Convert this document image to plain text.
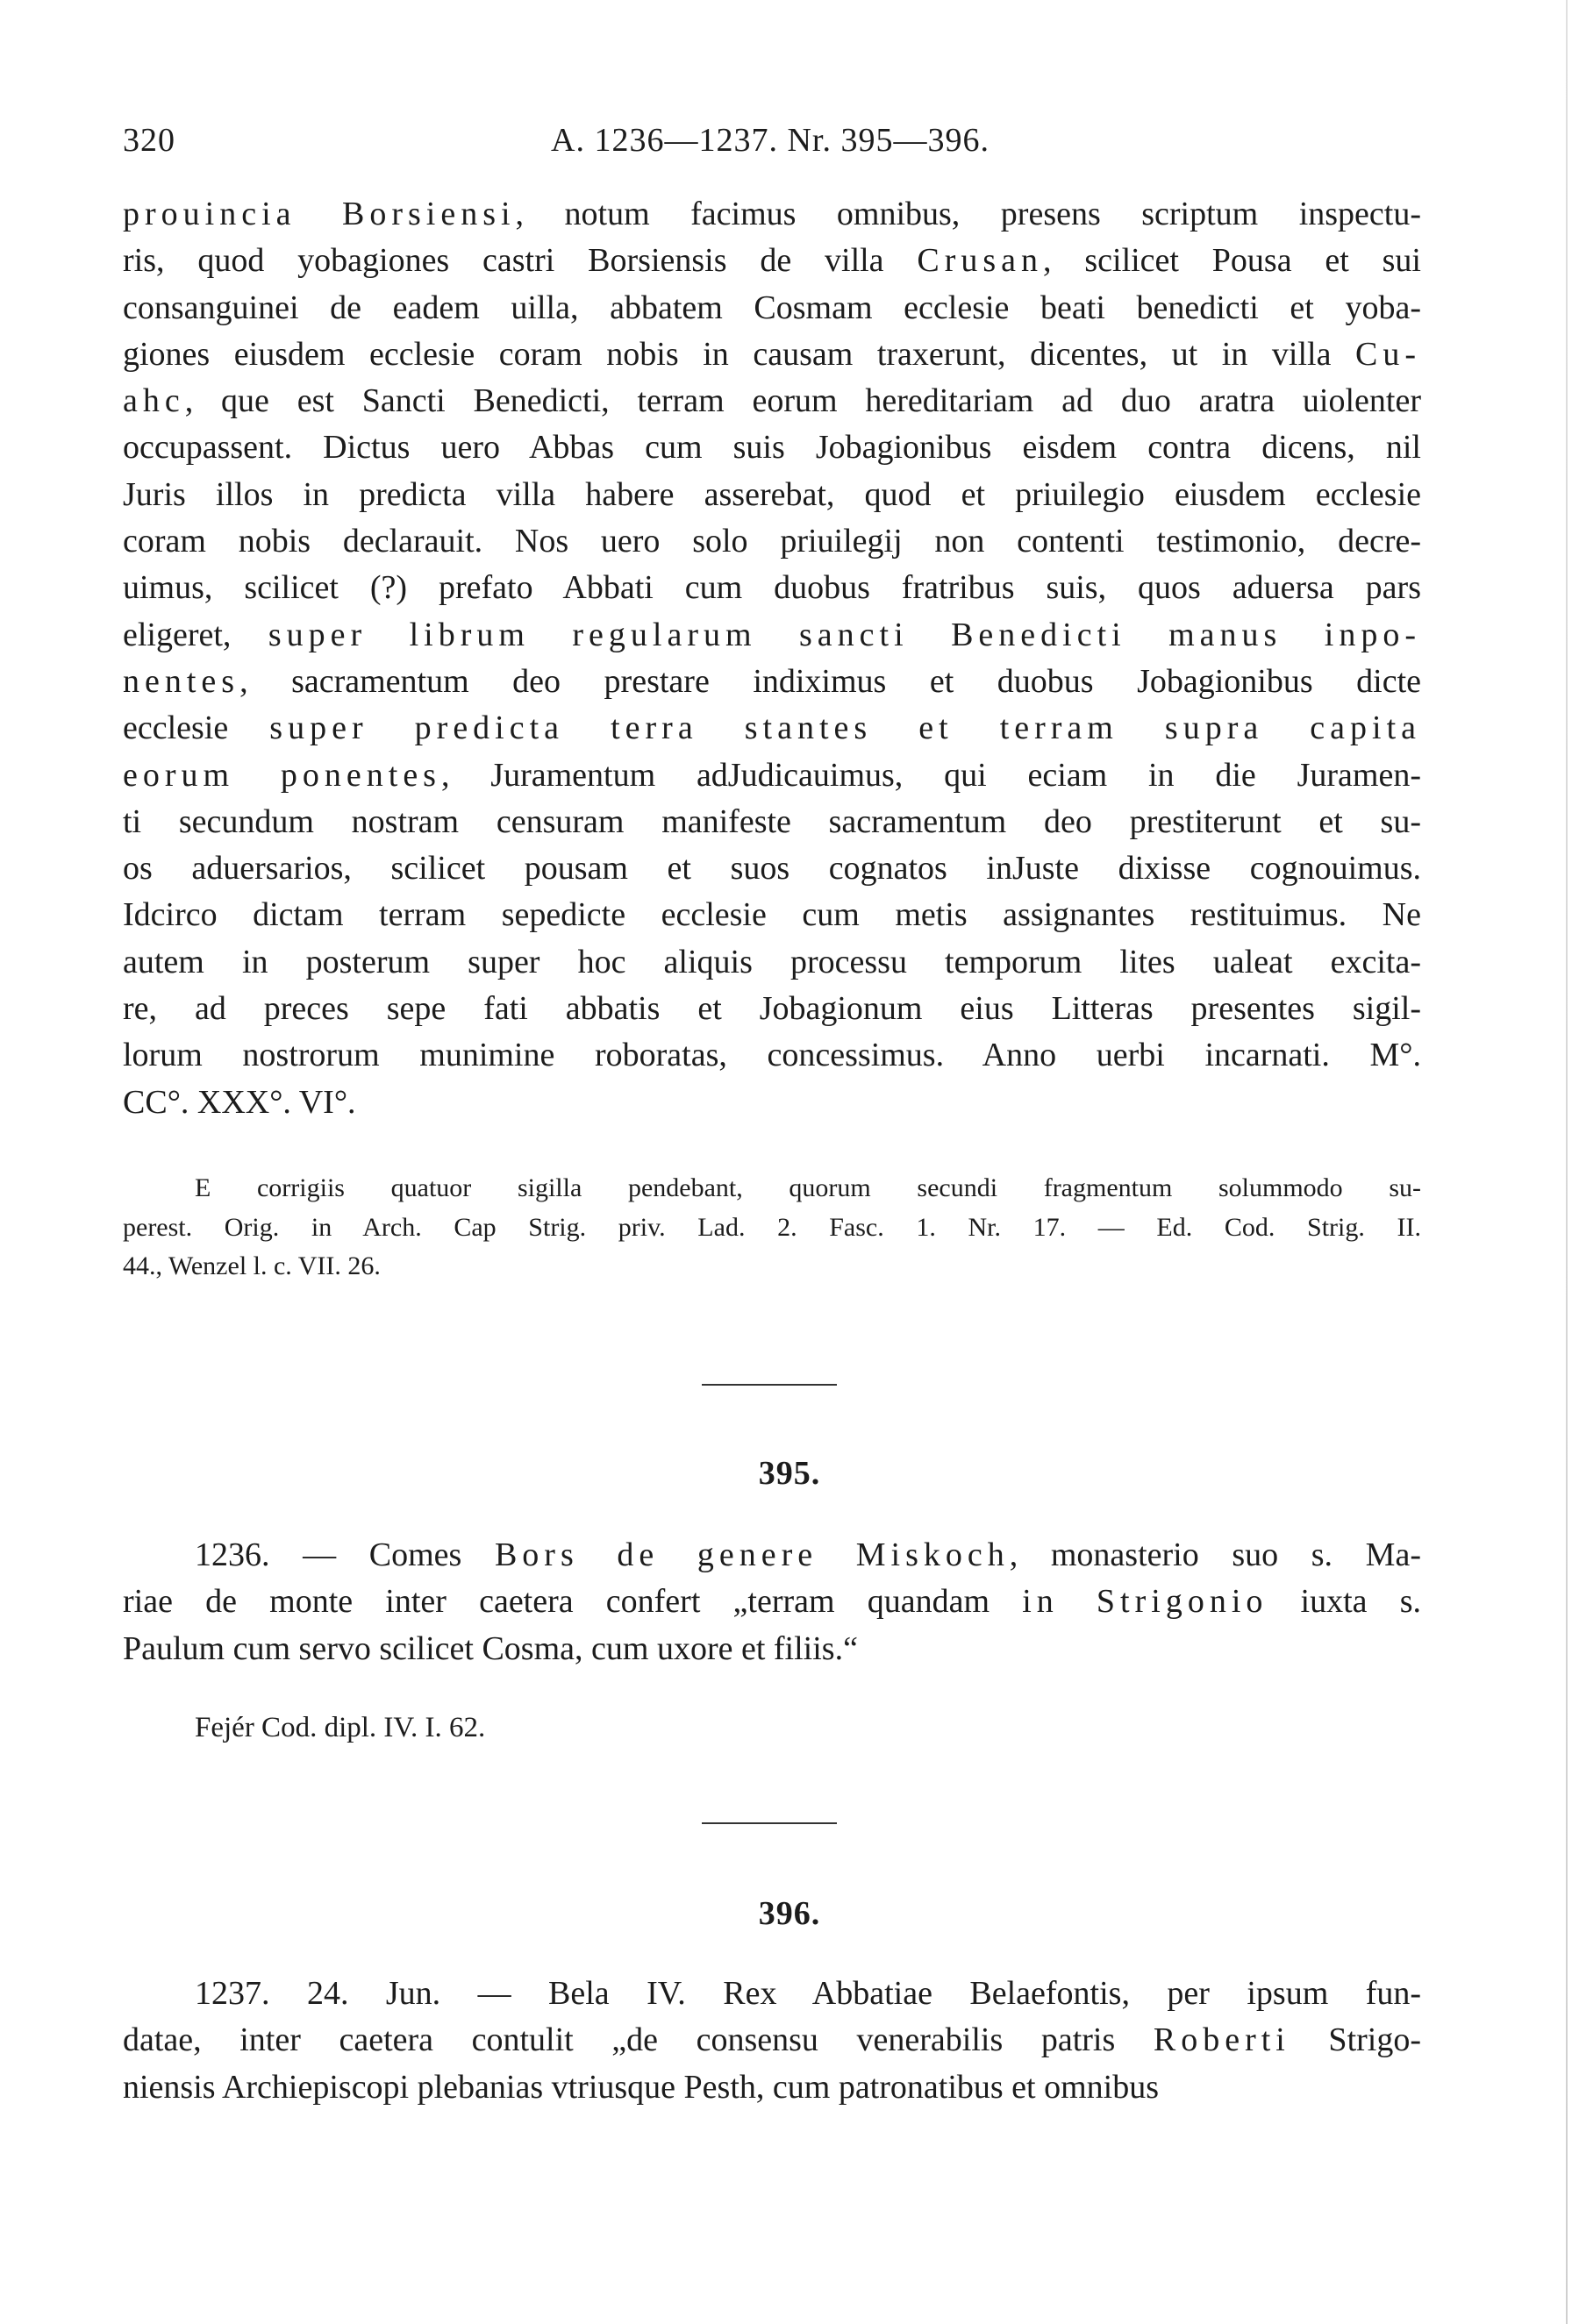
320	A. 1236—1237. Nr. 395—396.
prouincia Borsiensi, notum facimus omnibus, presens scriptum inspectu-
ris, quod yobagiones castri Borsiensis de villa Crusan, scilicet Pousa et sui
consanguinei de eadem uilla, abbatem Cosmam ecclesie beati benedicti et yoba-
giones eiusdem ecclesie coram nobis in causam traxerunt, dicentes, ut in villa Cu-
ahc, que est Sancti Benedicti, terram eorum hereditariam ad duo aratra uiolenter
occupassent. Dictus uero Abbas cum suis Jobagionibus eisdem contra dicens, nil
Juris illos in predicta villa habere asserebat, quod et priuilegio eiusdem ecclesie
coram nobis declarauit. Nos uero solo priuilegij non contenti testimonio, decre-
uimus, scilicet (?) prefato Abbati cum duobus fratribus suis, quos aduersa pars
eligeret, super librum regularum sancti Benedicti manus inpo-
nentes, sacramentum deo prestare indiximus et duobus Jobagionibus dicte
ecclesie super predicta terra stantes et terram supra capita
eorum ponentes, Juramentum adJudicauimus, qui eciam in die Juramen-
ti secundum nostram censuram manifeste sacramentum deo prestiterunt et su-
os aduersarios, scilicet pousam et suos cognatos inJuste dixisse cognouimus.
Idcirco dictam terram sepedicte ecclesie cum metis assignantes restituimus. Ne
autem in posterum super hoc aliquis processu temporum lites ualeat excita-
re, ad preces sepe fati abbatis et Jobagionum eius Litteras presentes sigil-
lorum nostrorum munimine roboratas, concessimus. Anno uerbi incarnati. M°.
CC°. XXX°. VI°.
E corrigiis quatuor sigilla pendebant, quorum secundi fragmentum solummodo su-
perest. Orig. in Arch. Cap Strig. priv. Lad. 2. Fasc. 1. Nr. 17. — Ed. Cod. Strig. II.
44., Wenzel l. c. VII. 26.
395.
1236. — Comes Bors de genere Miskoch, monasterio suo s. Ma-
riae de monte inter caetera confert „terram quandam in Strigonio iuxta s.
Paulum cum servo scilicet Cosma, cum uxore et filiis.“
Fejér Cod. dipl. IV. I. 62.
396.
1237. 24. Jun. — Bela IV. Rex Abbatiae Belaefontis, per ipsum fun-
datae, inter caetera contulit „de consensu venerabilis patris Roberti Strigo-
niensis Archiepiscopi plebanias vtriusque Pesth, cum patronatibus et omnibus
